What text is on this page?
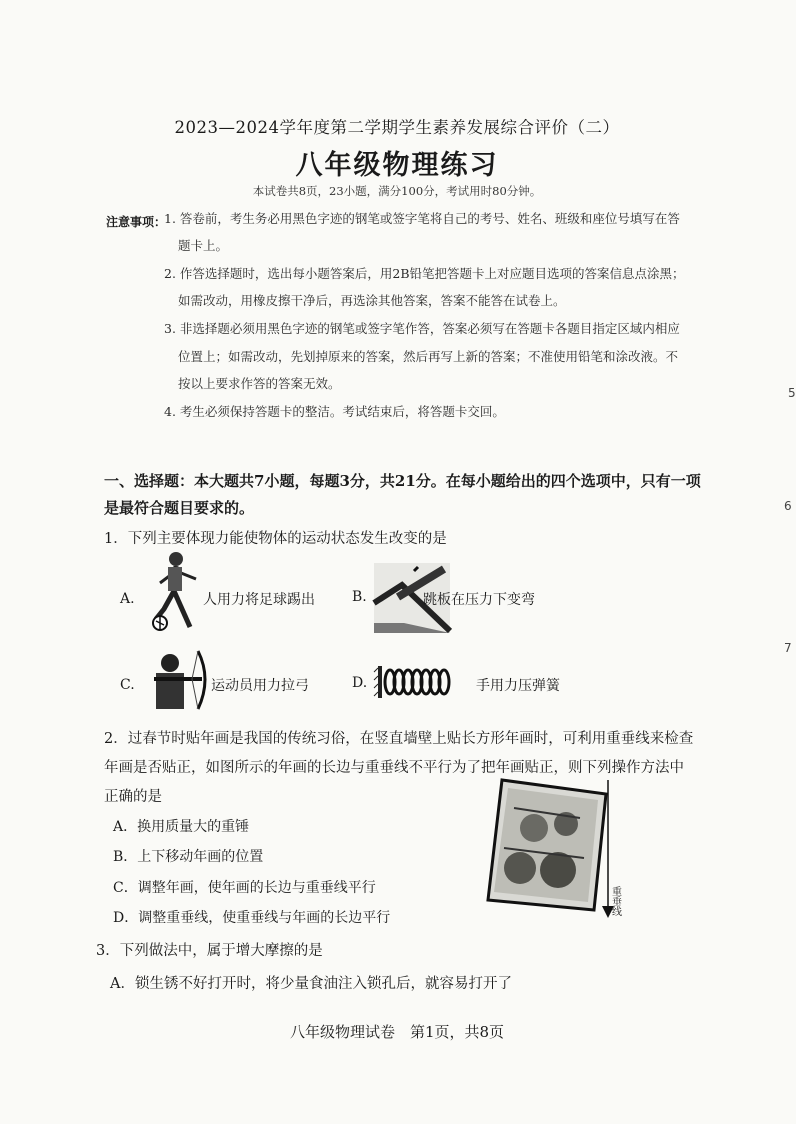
2023—2024学年度第二学期学生素养发展综合评价（二）
八年级物理练习
本试卷共8页，23小题，满分100分，考试用时80分钟。
注意事项：
1. 答卷前，考生务必用黑色字迹的钢笔或签字笔将自己的考号、姓名、班级和座位号填写在答
题卡上。
2. 作答选择题时，选出每小题答案后，用2B铅笔把答题卡上对应题目选项的答案信息点涂黑；
如需改动，用橡皮擦干净后，再选涂其他答案，答案不能答在试卷上。
3. 非选择题必须用黑色字迹的钢笔或签字笔作答，答案必须写在答题卡各题目指定区域内相应
位置上；如需改动，先划掉原来的答案，然后再写上新的答案；不准使用铅笔和涂改液。不
按以上要求作答的答案无效。
4. 考生必须保持答题卡的整洁。考试结束后，将答题卡交回。
一、选择题：本大题共7小题，每题3分，共21分。在每小题给出的四个选项中，只有一项
是最符合题目要求的。
1．下列主要体现力能使物体的运动状态发生改变的是
A.	人用力将足球踢出	B.	跳板在压力下变弯
C.	运动员用力拉弓	D.	手用力压弹簧
2．过春节时贴年画是我国的传统习俗，在竖直墙壁上贴长方形年画时，可利用重垂线来检查
年画是否贴正，如图所示的年画的长边与重垂线不平行为了把年画贴正，则下列操作方法中
正确的是
A．换用质量大的重锤
B．上下移动年画的位置
C．调整年画，使年画的长边与重垂线平行
D．调整重垂线，使重垂线与年画的长边平行
重垂线
3．下列做法中，属于增大摩擦的是
A．锁生锈不好打开时，将少量食油注入锁孔后，就容易打开了
5
6
7
八年级物理试卷　第1页，共8页
